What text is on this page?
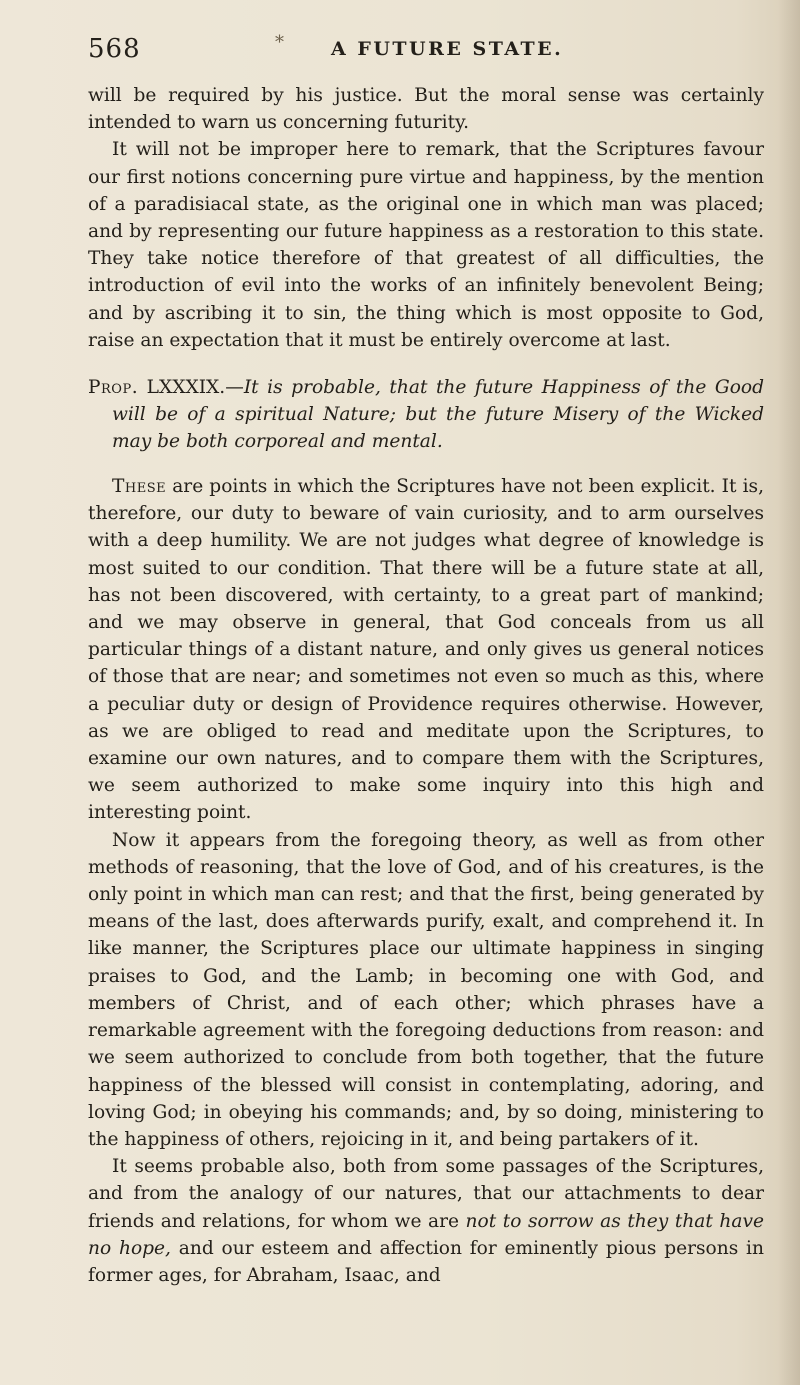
568	* A FUTURE STATE.

will be required by his justice. But the moral sense was certainly intended to warn us concerning futurity.

It will not be improper here to remark, that the Scriptures favour our first notions concerning pure virtue and happiness, by the mention of a paradisiacal state, as the original one in which man was placed; and by representing our future happiness as a restoration to this state. They take notice therefore of that greatest of all difficulties, the introduction of evil into the works of an infinitely benevolent Being; and by ascribing it to sin, the thing which is most opposite to God, raise an expectation that it must be entirely overcome at last.

Prop. LXXXIX.—It is probable, that the future Happiness of the Good will be of a spiritual Nature; but the future Misery of the Wicked may be both corporeal and mental.

These are points in which the Scriptures have not been explicit. It is, therefore, our duty to beware of vain curiosity, and to arm ourselves with a deep humility. We are not judges what degree of knowledge is most suited to our condition. That there will be a future state at all, has not been discovered, with certainty, to a great part of mankind; and we may observe in general, that God conceals from us all particular things of a distant nature, and only gives us general notices of those that are near; and sometimes not even so much as this, where a peculiar duty or design of Providence requires otherwise. However, as we are obliged to read and meditate upon the Scriptures, to examine our own natures, and to compare them with the Scriptures, we seem authorized to make some inquiry into this high and interesting point.

Now it appears from the foregoing theory, as well as from other methods of reasoning, that the love of God, and of his creatures, is the only point in which man can rest; and that the first, being generated by means of the last, does afterwards purify, exalt, and comprehend it. In like manner, the Scriptures place our ultimate happiness in singing praises to God, and the Lamb; in becoming one with God, and members of Christ, and of each other; which phrases have a remarkable agreement with the foregoing deductions from reason: and we seem authorized to conclude from both together, that the future happiness of the blessed will consist in contemplating, adoring, and loving God; in obeying his commands; and, by so doing, ministering to the happiness of others, rejoicing in it, and being partakers of it.

It seems probable also, both from some passages of the Scriptures, and from the analogy of our natures, that our attachments to dear friends and relations, for whom we are not to sorrow as they that have no hope, and our esteem and affection for eminently pious persons in former ages, for Abraham, Isaac, and
